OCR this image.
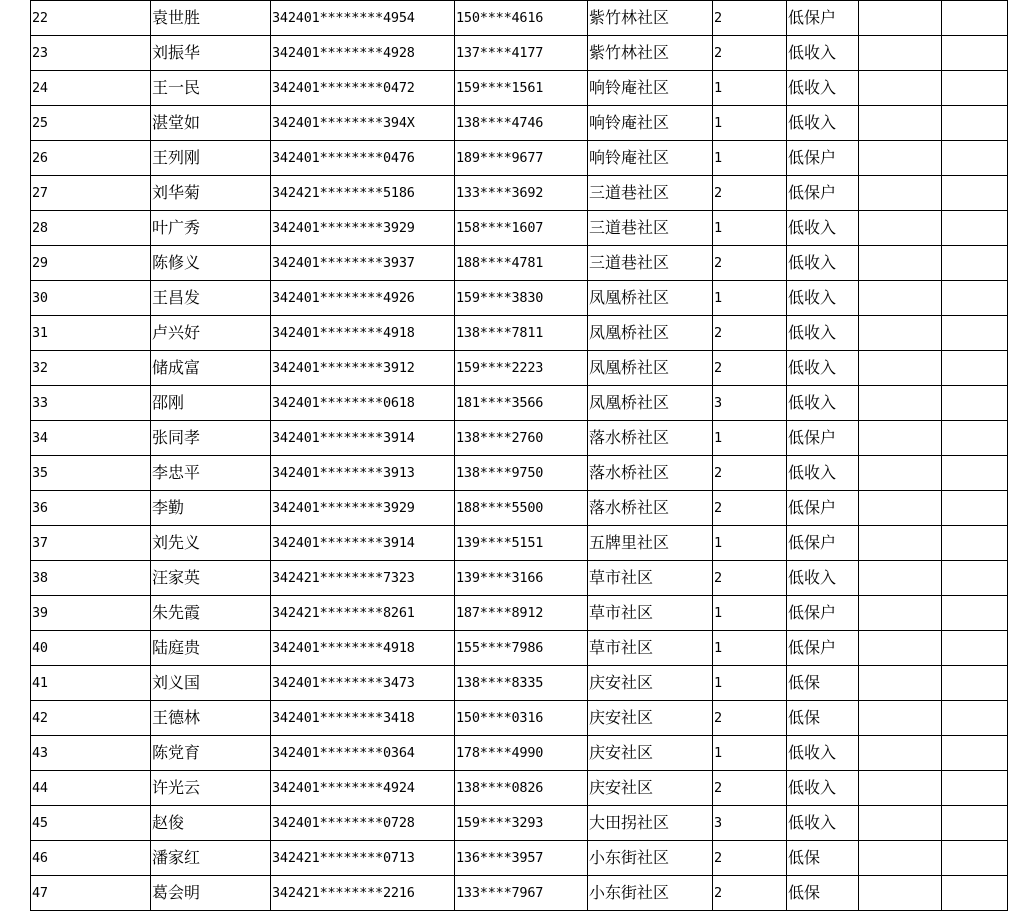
22	袁世胜	342401********4954	150****4616	紫竹林社区	2	低保户		
23	刘振华	342401********4928	137****4177	紫竹林社区	2	低收入		
24	王一民	342401********0472	159****1561	响铃庵社区	1	低收入		
25	湛堂如	342401********394X	138****4746	响铃庵社区	1	低收入		
26	王列刚	342401********0476	189****9677	响铃庵社区	1	低保户		
27	刘华菊	342421********5186	133****3692	三道巷社区	2	低保户		
28	叶广秀	342401********3929	158****1607	三道巷社区	1	低收入		
29	陈修义	342401********3937	188****4781	三道巷社区	2	低收入		
30	王昌发	342401********4926	159****3830	凤凰桥社区	1	低收入		
31	卢兴好	342401********4918	138****7811	凤凰桥社区	2	低收入		
32	储成富	342401********3912	159****2223	凤凰桥社区	2	低收入		
33	邵刚	342401********0618	181****3566	凤凰桥社区	3	低收入		
34	张同孝	342401********3914	138****2760	落水桥社区	1	低保户		
35	李忠平	342401********3913	138****9750	落水桥社区	2	低收入		
36	李勤	342401********3929	188****5500	落水桥社区	2	低保户		
37	刘先义	342401********3914	139****5151	五牌里社区	1	低保户		
38	汪家英	342421********7323	139****3166	草市社区	2	低收入		
39	朱先霞	342421********8261	187****8912	草市社区	1	低保户		
40	陆庭贵	342401********4918	155****7986	草市社区	1	低保户		
41	刘义国	342401********3473	138****8335	庆安社区	1	低保		
42	王德林	342401********3418	150****0316	庆安社区	2	低保		
43	陈党育	342401********0364	178****4990	庆安社区	1	低收入		
44	许光云	342401********4924	138****0826	庆安社区	2	低收入		
45	赵俊	342401********0728	159****3293	大田拐社区	3	低收入		
46	潘家红	342421********0713	136****3957	小东街社区	2	低保		
47	葛会明	342421********2216	133****7967	小东街社区	2	低保		
